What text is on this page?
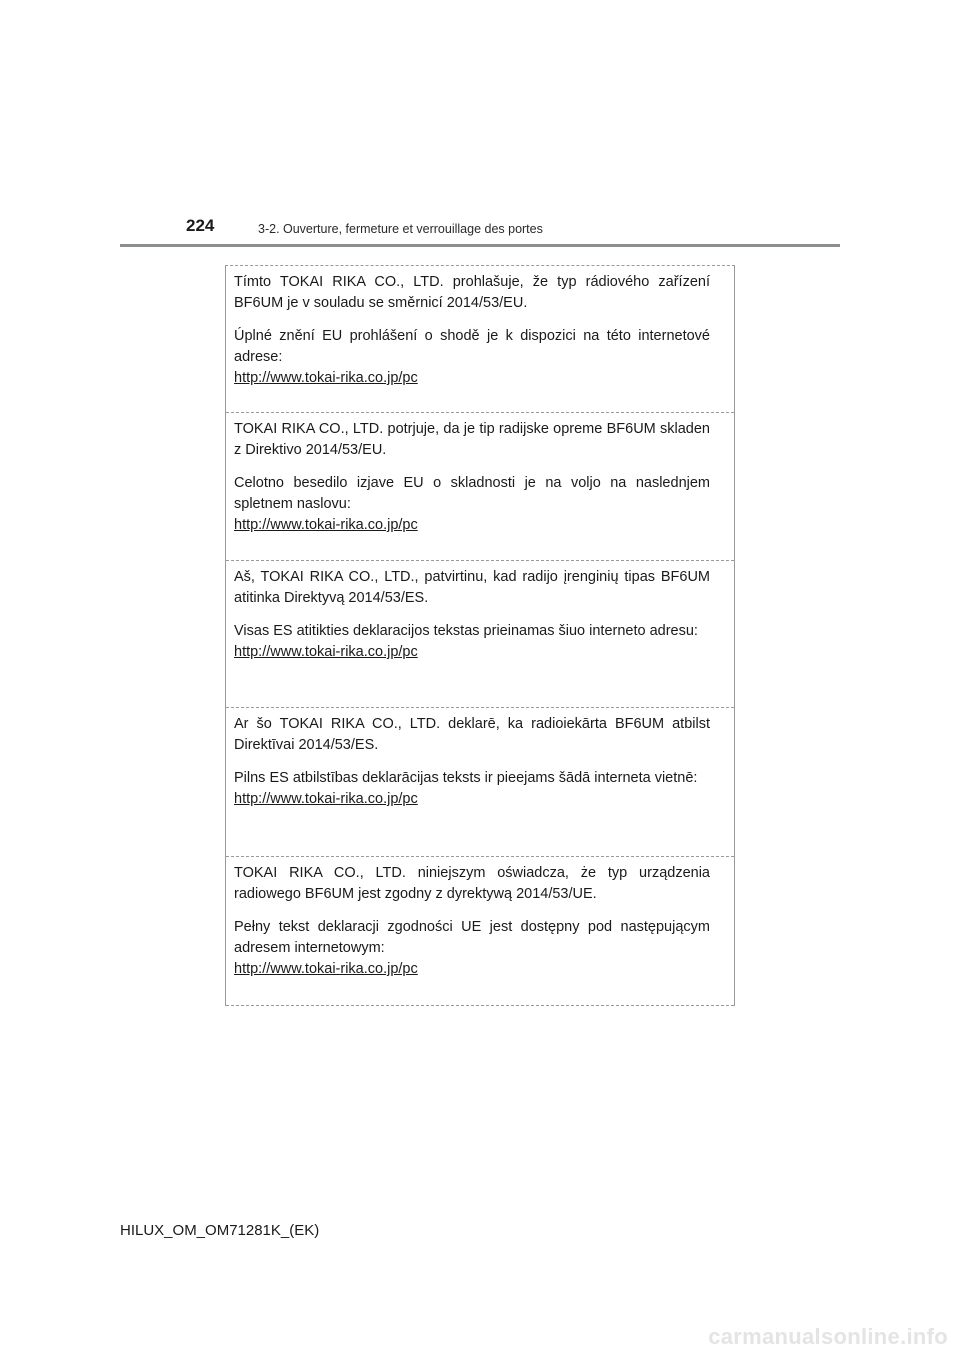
224	3-2. Ouverture, fermeture et verrouillage des portes

Tímto TOKAI RIKA CO., LTD. prohlašuje, že typ rádiového zařízení BF6UM je v souladu se směrnicí 2014/53/EU.

Úplné znění EU prohlášení o shodě je k dispozici na této internetové adrese:

http://www.tokai-rika.co.jp/pc

TOKAI RIKA CO., LTD. potrjuje, da je tip radijske opreme BF6UM skladen z Direktivo 2014/53/EU.

Celotno besedilo izjave EU o skladnosti je na voljo na naslednjem spletnem naslovu:

http://www.tokai-rika.co.jp/pc

Aš, TOKAI RIKA CO., LTD., patvirtinu, kad radijo įrenginių tipas BF6UM atitinka Direktyvą 2014/53/ES.

Visas ES atitikties deklaracijos tekstas prieinamas šiuo interneto adresu:

http://www.tokai-rika.co.jp/pc

Ar šo TOKAI RIKA CO., LTD. deklarē, ka radioiekārta BF6UM atbilst Direktīvai 2014/53/ES.

Pilns ES atbilstības deklarācijas teksts ir pieejams šādā interneta vietnē:

http://www.tokai-rika.co.jp/pc

TOKAI RIKA CO., LTD. niniejszym oświadcza, że typ urządzenia radiowego BF6UM jest zgodny z dyrektywą 2014/53/UE.

Pełny tekst deklaracji zgodności UE jest dostępny pod następującym adresem internetowym:

http://www.tokai-rika.co.jp/pc
HILUX_OM_OM71281K_(EK)
carmanualsonline.info
